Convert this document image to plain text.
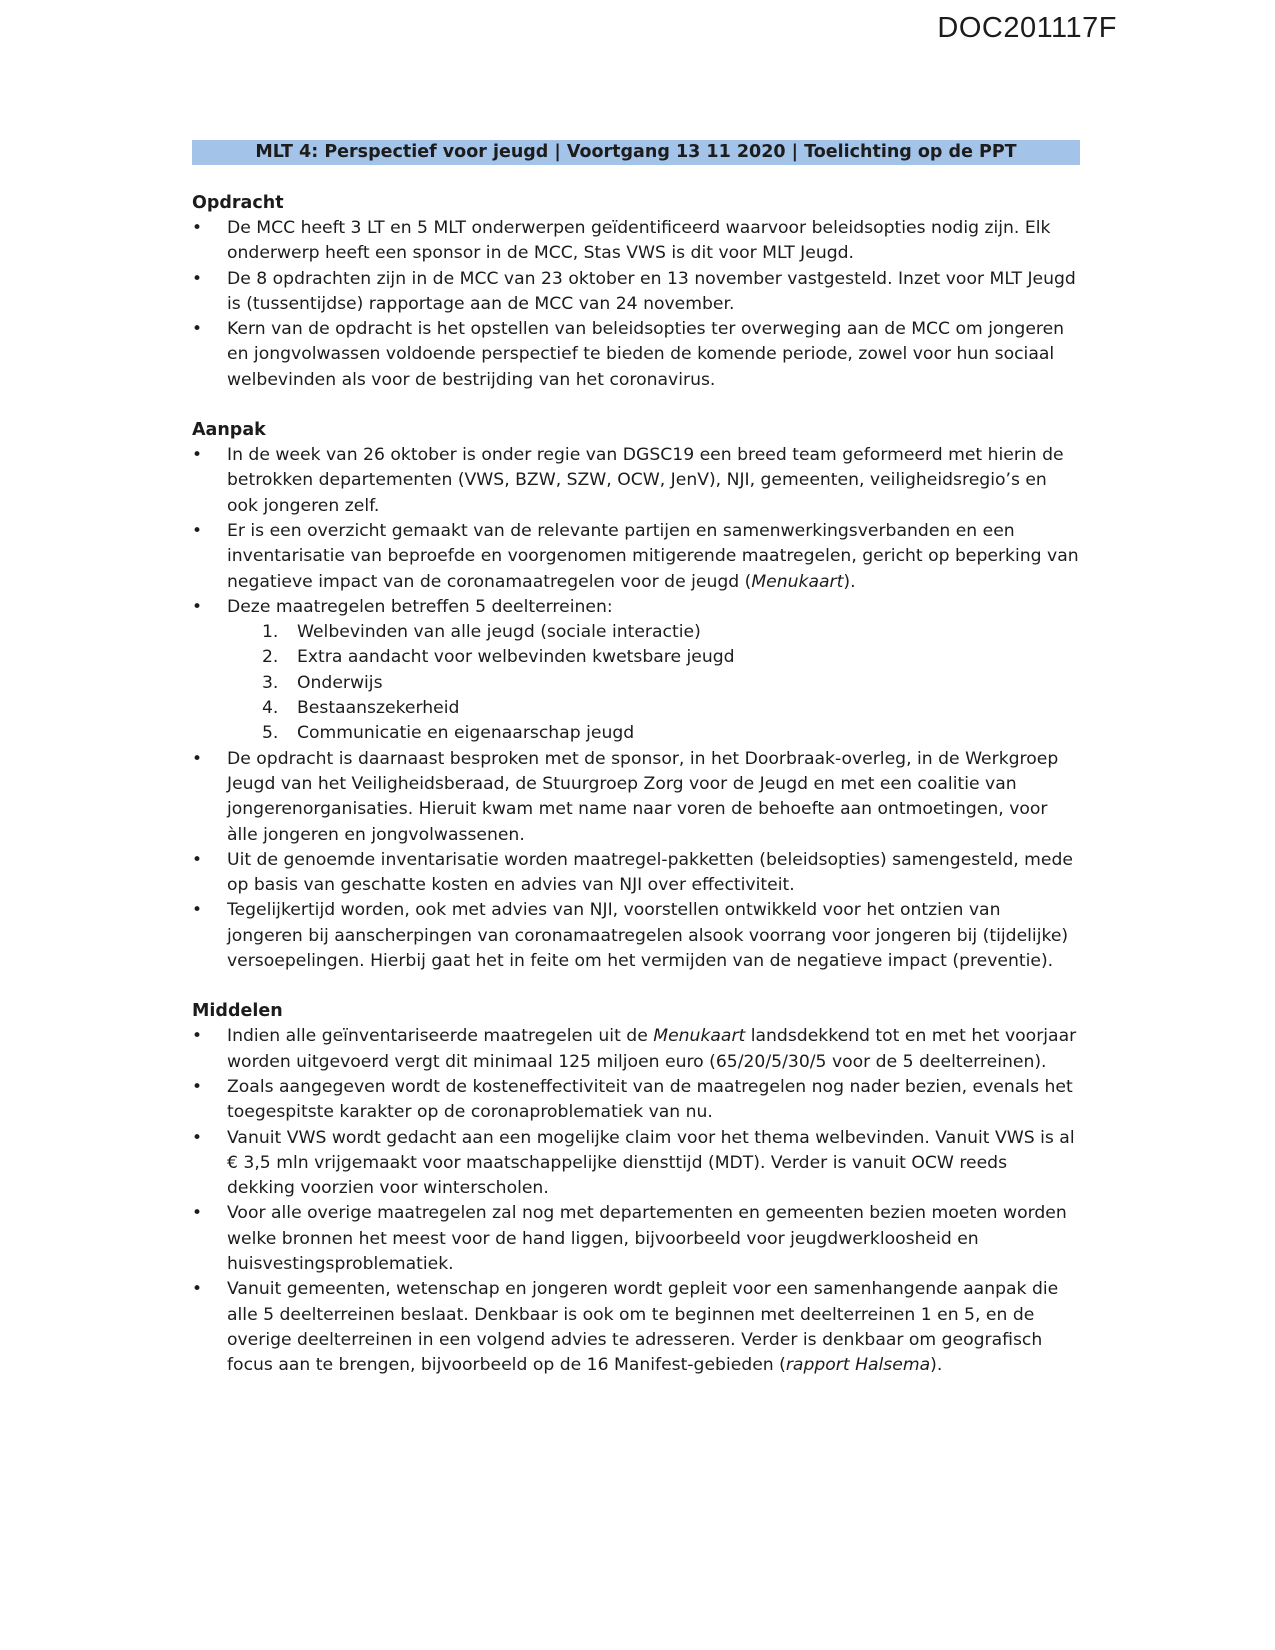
DOC201117F
MLT 4: Perspectief voor jeugd | Voortgang 13 11 2020 | Toelichting op de PPT
Opdracht
• De MCC heeft 3 LT en 5 MLT onderwerpen geïdentificeerd waarvoor beleidsopties nodig zijn. Elk onderwerp heeft een sponsor in de MCC, Stas VWS is dit voor MLT Jeugd.
• De 8 opdrachten zijn in de MCC van 23 oktober en 13 november vastgesteld. Inzet voor MLT Jeugd is (tussentijdse) rapportage aan de MCC van 24 november.
• Kern van de opdracht is het opstellen van beleidsopties ter overweging aan de MCC om jongeren en jongvolwassen voldoende perspectief te bieden de komende periode, zowel voor hun sociaal welbevinden als voor de bestrijding van het coronavirus.
Aanpak
• In de week van 26 oktober is onder regie van DGSC19 een breed team geformeerd met hierin de betrokken departementen (VWS, BZW, SZW, OCW, JenV), NJI, gemeenten, veiligheidsregio’s en ook jongeren zelf.
• Er is een overzicht gemaakt van de relevante partijen en samenwerkingsverbanden en een inventarisatie van beproefde en voorgenomen mitigerende maatregelen, gericht op beperking van negatieve impact van de coronamaatregelen voor de jeugd (Menukaart).
• Deze maatregelen betreffen 5 deelterreinen:
1. Welbevinden van alle jeugd (sociale interactie)
2. Extra aandacht voor welbevinden kwetsbare jeugd
3. Onderwijs
4. Bestaanszekerheid
5. Communicatie en eigenaarschap jeugd
• De opdracht is daarnaast besproken met de sponsor, in het Doorbraak-overleg, in de Werkgroep Jeugd van het Veiligheidsberaad, de Stuurgroep Zorg voor de Jeugd en met een coalitie van jongerenorganisaties. Hieruit kwam met name naar voren de behoefte aan ontmoetingen, voor àlle jongeren en jongvolwassenen.
• Uit de genoemde inventarisatie worden maatregel-pakketten (beleidsopties) samengesteld, mede op basis van geschatte kosten en advies van NJI over effectiviteit.
• Tegelijkertijd worden, ook met advies van NJI, voorstellen ontwikkeld voor het ontzien van jongeren bij aanscherpingen van coronamaatregelen alsook voorrang voor jongeren bij (tijdelijke) versoepelingen. Hierbij gaat het in feite om het vermijden van de negatieve impact (preventie).
Middelen
• Indien alle geïnventariseerde maatregelen uit de Menukaart landsdekkend tot en met het voorjaar worden uitgevoerd vergt dit minimaal 125 miljoen euro (65/20/5/30/5 voor de 5 deelterreinen).
• Zoals aangegeven wordt de kosteneffectiviteit van de maatregelen nog nader bezien, evenals het toegespitste karakter op de coronaproblematiek van nu.
• Vanuit VWS wordt gedacht aan een mogelijke claim voor het thema welbevinden. Vanuit VWS is al € 3,5 mln vrijgemaakt voor maatschappelijke diensttijd (MDT). Verder is vanuit OCW reeds dekking voorzien voor winterscholen.
• Voor alle overige maatregelen zal nog met departementen en gemeenten bezien moeten worden welke bronnen het meest voor de hand liggen, bijvoorbeeld voor jeugdwerkloosheid en huisvestingsproblematiek.
• Vanuit gemeenten, wetenschap en jongeren wordt gepleit voor een samenhangende aanpak die alle 5 deelterreinen beslaat. Denkbaar is ook om te beginnen met deelterreinen 1 en 5, en de overige deelterreinen in een volgend advies te adresseren. Verder is denkbaar om geografisch focus aan te brengen, bijvoorbeeld op de 16 Manifest-gebieden (rapport Halsema).
